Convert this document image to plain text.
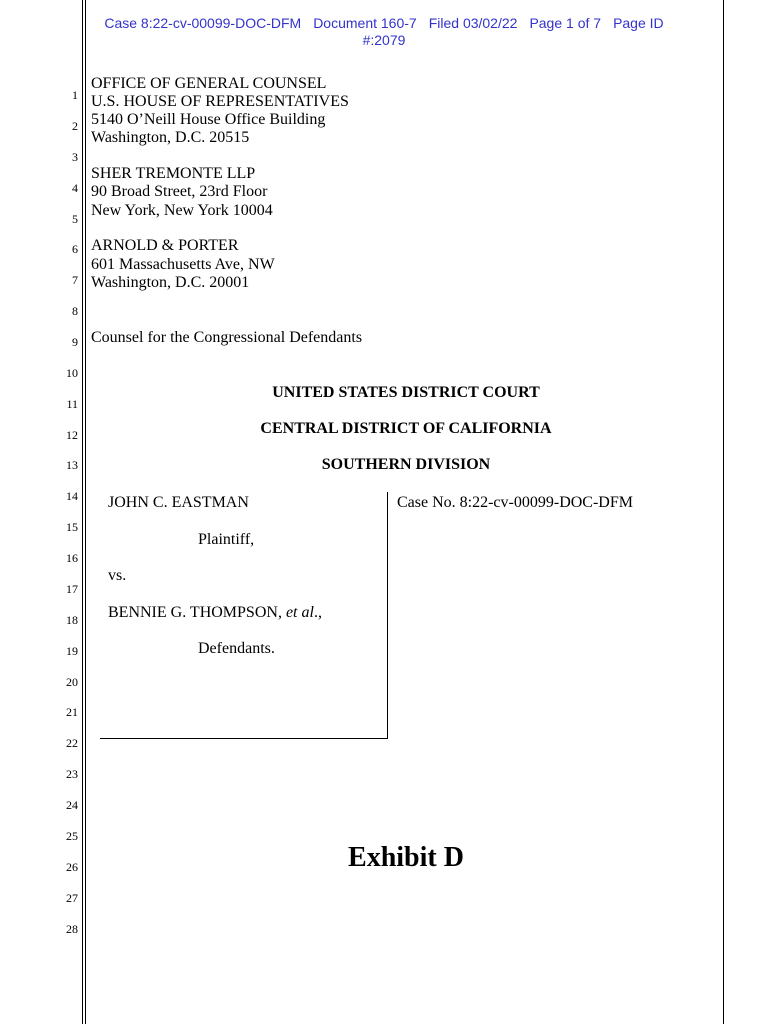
Case 8:22-cv-00099-DOC-DFM Document 160-7 Filed 03/02/22 Page 1 of 7 Page ID
#:2079
1
2
3
4
5
6
7
8
9
10
11
12
13
14
15
16
17
18
19
20
21
22
23
24
25
26
27
28
OFFICE OF GENERAL COUNSEL
U.S. HOUSE OF REPRESENTATIVES
5140 O’Neill House Office Building
Washington, D.C. 20515
SHER TREMONTE LLP
90 Broad Street, 23rd Floor
New York, New York 10004
ARNOLD & PORTER
601 Massachusetts Ave, NW
Washington, D.C. 20001
Counsel for the Congressional Defendants
UNITED STATES DISTRICT COURT
CENTRAL DISTRICT OF CALIFORNIA
SOUTHERN DIVISION
JOHN C. EASTMAN
Plaintiff,
vs.
BENNIE G. THOMPSON, et al.,
Defendants.
Case No. 8:22-cv-00099-DOC-DFM
Exhibit D
